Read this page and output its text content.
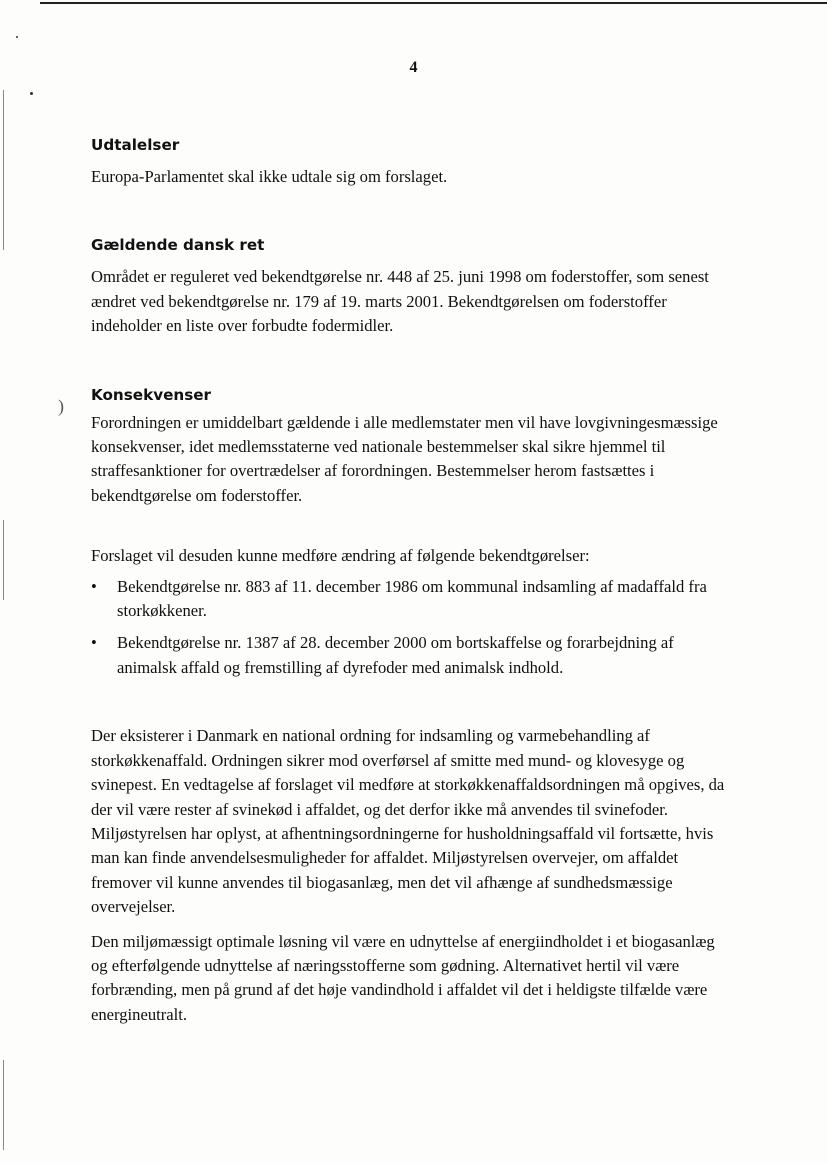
)
4

Udtalelser

Europa-Parlamentet skal ikke udtale sig om forslaget.

Gældende dansk ret

Området er reguleret ved bekendtgørelse nr. 448 af 25. juni 1998 om foderstoffer, som senest ændret ved bekendtgørelse nr. 179 af 19. marts 2001. Bekendtgørelsen om foderstoffer indeholder en liste over forbudte fodermidler.

Konsekvenser

Forordningen er umiddelbart gældende i alle medlemstater men vil have lovgivningesmæssige konsekvenser, idet medlemsstaterne ved nationale bestemmelser skal sikre hjemmel til straffesanktioner for overtrædelser af forordningen. Bestemmelser herom fastsættes i bekendtgørelse om foderstoffer.

Forslaget vil desuden kunne medføre ændring af følgende bekendtgørelser:

• Bekendtgørelse nr. 883 af 11. december 1986 om kommunal indsamling af madaffald fra storkøkkener.
• Bekendtgørelse nr. 1387 af 28. december 2000 om bortskaffelse og forarbejdning af animalsk affald og fremstilling af dyrefoder med animalsk indhold.

Der eksisterer i Danmark en national ordning for indsamling og varmebehandling af storkøkkenaffald. Ordningen sikrer mod overførsel af smitte med mund- og klovesyge og svinepest. En vedtagelse af forslaget vil medføre at storkøkkenaffaldsordningen må opgives, da der vil være rester af svinekød i affaldet, og det derfor ikke må anvendes til svinefoder. Miljøstyrelsen har oplyst, at afhentningsordningerne for husholdningsaffald vil fortsætte, hvis man kan finde anvendelsesmuligheder for affaldet. Miljøstyrelsen overvejer, om affaldet fremover vil kunne anvendes til biogasanlæg, men det vil afhænge af sundhedsmæssige overvejelser.

Den miljømæssigt optimale løsning vil være en udnyttelse af energiindholdet i et biogasanlæg og efterfølgende udnyttelse af næringsstofferne som gødning. Alternativet hertil vil være forbrænding, men på grund af det høje vandindhold i affaldet vil det i heldigste tilfælde være energineutralt.
